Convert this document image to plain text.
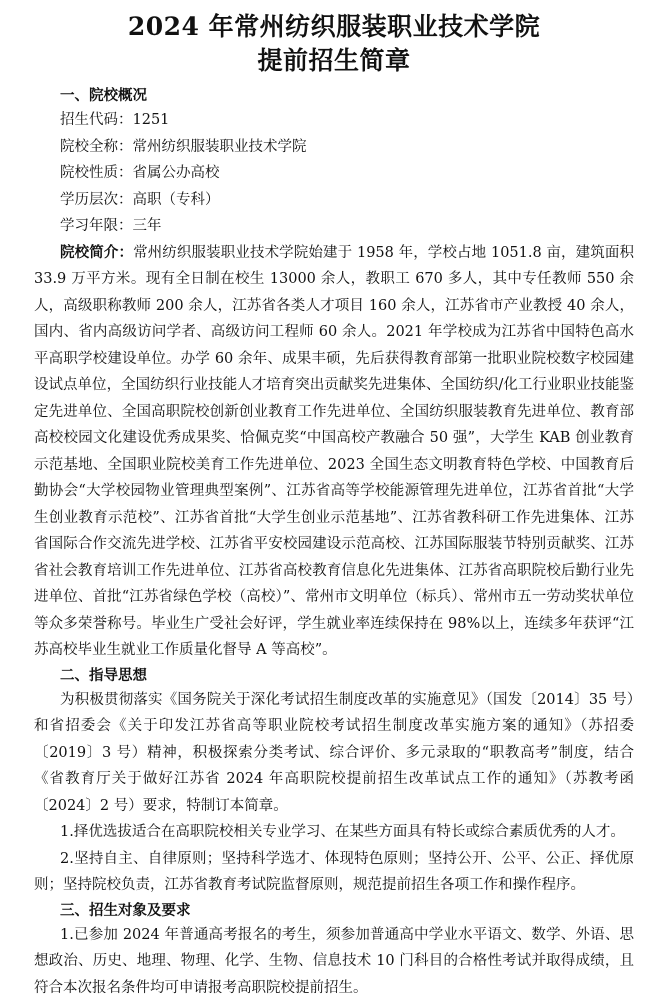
2024 年常州纺织服装职业技术学院
提前招生简章

一、院校概况

招生代码：1251

院校全称：常州纺织服装职业技术学院

院校性质：省属公办高校

学历层次：高职（专科）

学习年限：三年

院校简介：常州纺织服装职业技术学院始建于 1958 年，学校占地 1051.8 亩，建筑面积 33.9 万平方米。现有全日制在校生 13000 余人，教职工 670 多人，其中专任教师 550 余人，高级职称教师 200 余人，江苏省各类人才项目 160 余人，江苏省市产业教授 40 余人，国内、省内高级访问学者、高级访问工程师 60 余人。2021 年学校成为江苏省中国特色高水平高职学校建设单位。办学 60 余年、成果丰硕，先后获得教育部第一批职业院校数字校园建设试点单位，全国纺织行业技能人才培育突出贡献奖先进集体、全国纺织/化工行业职业技能鉴定先进单位、全国高职院校创新创业教育工作先进单位、全国纺织服装教育先进单位、教育部高校校园文化建设优秀成果奖、恰佩克奖“中国高校产教融合 50 强”，大学生 KAB 创业教育示范基地、全国职业院校美育工作先进单位、2023 全国生态文明教育特色学校、中国教育后勤协会“大学校园物业管理典型案例”、江苏省高等学校能源管理先进单位，江苏省首批“大学生创业教育示范校”、江苏省首批“大学生创业示范基地”、江苏省教科研工作先进集体、江苏省国际合作交流先进学校、江苏省平安校园建设示范高校、江苏国际服装节特别贡献奖、江苏省社会教育培训工作先进单位、江苏省高校教育信息化先进集体、江苏省高职院校后勤行业先进单位、首批“江苏省绿色学校（高校）”、常州市文明单位（标兵）、常州市五一劳动奖状单位等众多荣誉称号。毕业生广受社会好评，学生就业率连续保持在 98%以上，连续多年获评“江苏高校毕业生就业工作质量化督导 A 等高校”。

二、指导思想

为积极贯彻落实《国务院关于深化考试招生制度改革的实施意见》（国发〔2014〕35 号）和省招委会《关于印发江苏省高等职业院校考试招生制度改革实施方案的通知》（苏招委〔2019〕3 号）精神，积极探索分类考试、综合评价、多元录取的“职教高考”制度，结合《省教育厅关于做好江苏省 2024 年高职院校提前招生改革试点工作的通知》（苏教考函〔2024〕2 号）要求，特制订本简章。

1.择优选拔适合在高职院校相关专业学习、在某些方面具有特长或综合素质优秀的人才。

2.坚持自主、自律原则；坚持科学选才、体现特色原则；坚持公开、公平、公正、择优原则；坚持院校负责，江苏省教育考试院监督原则，规范提前招生各项工作和操作程序。

三、招生对象及要求

1.已参加 2024 年普通高考报名的考生，须参加普通高中学业水平语文、数学、外语、思想政治、历史、地理、物理、化学、生物、信息技术 10 门科目的合格性考试并取得成绩，且符合本次报名条件均可申请报考高职院校提前招生。
